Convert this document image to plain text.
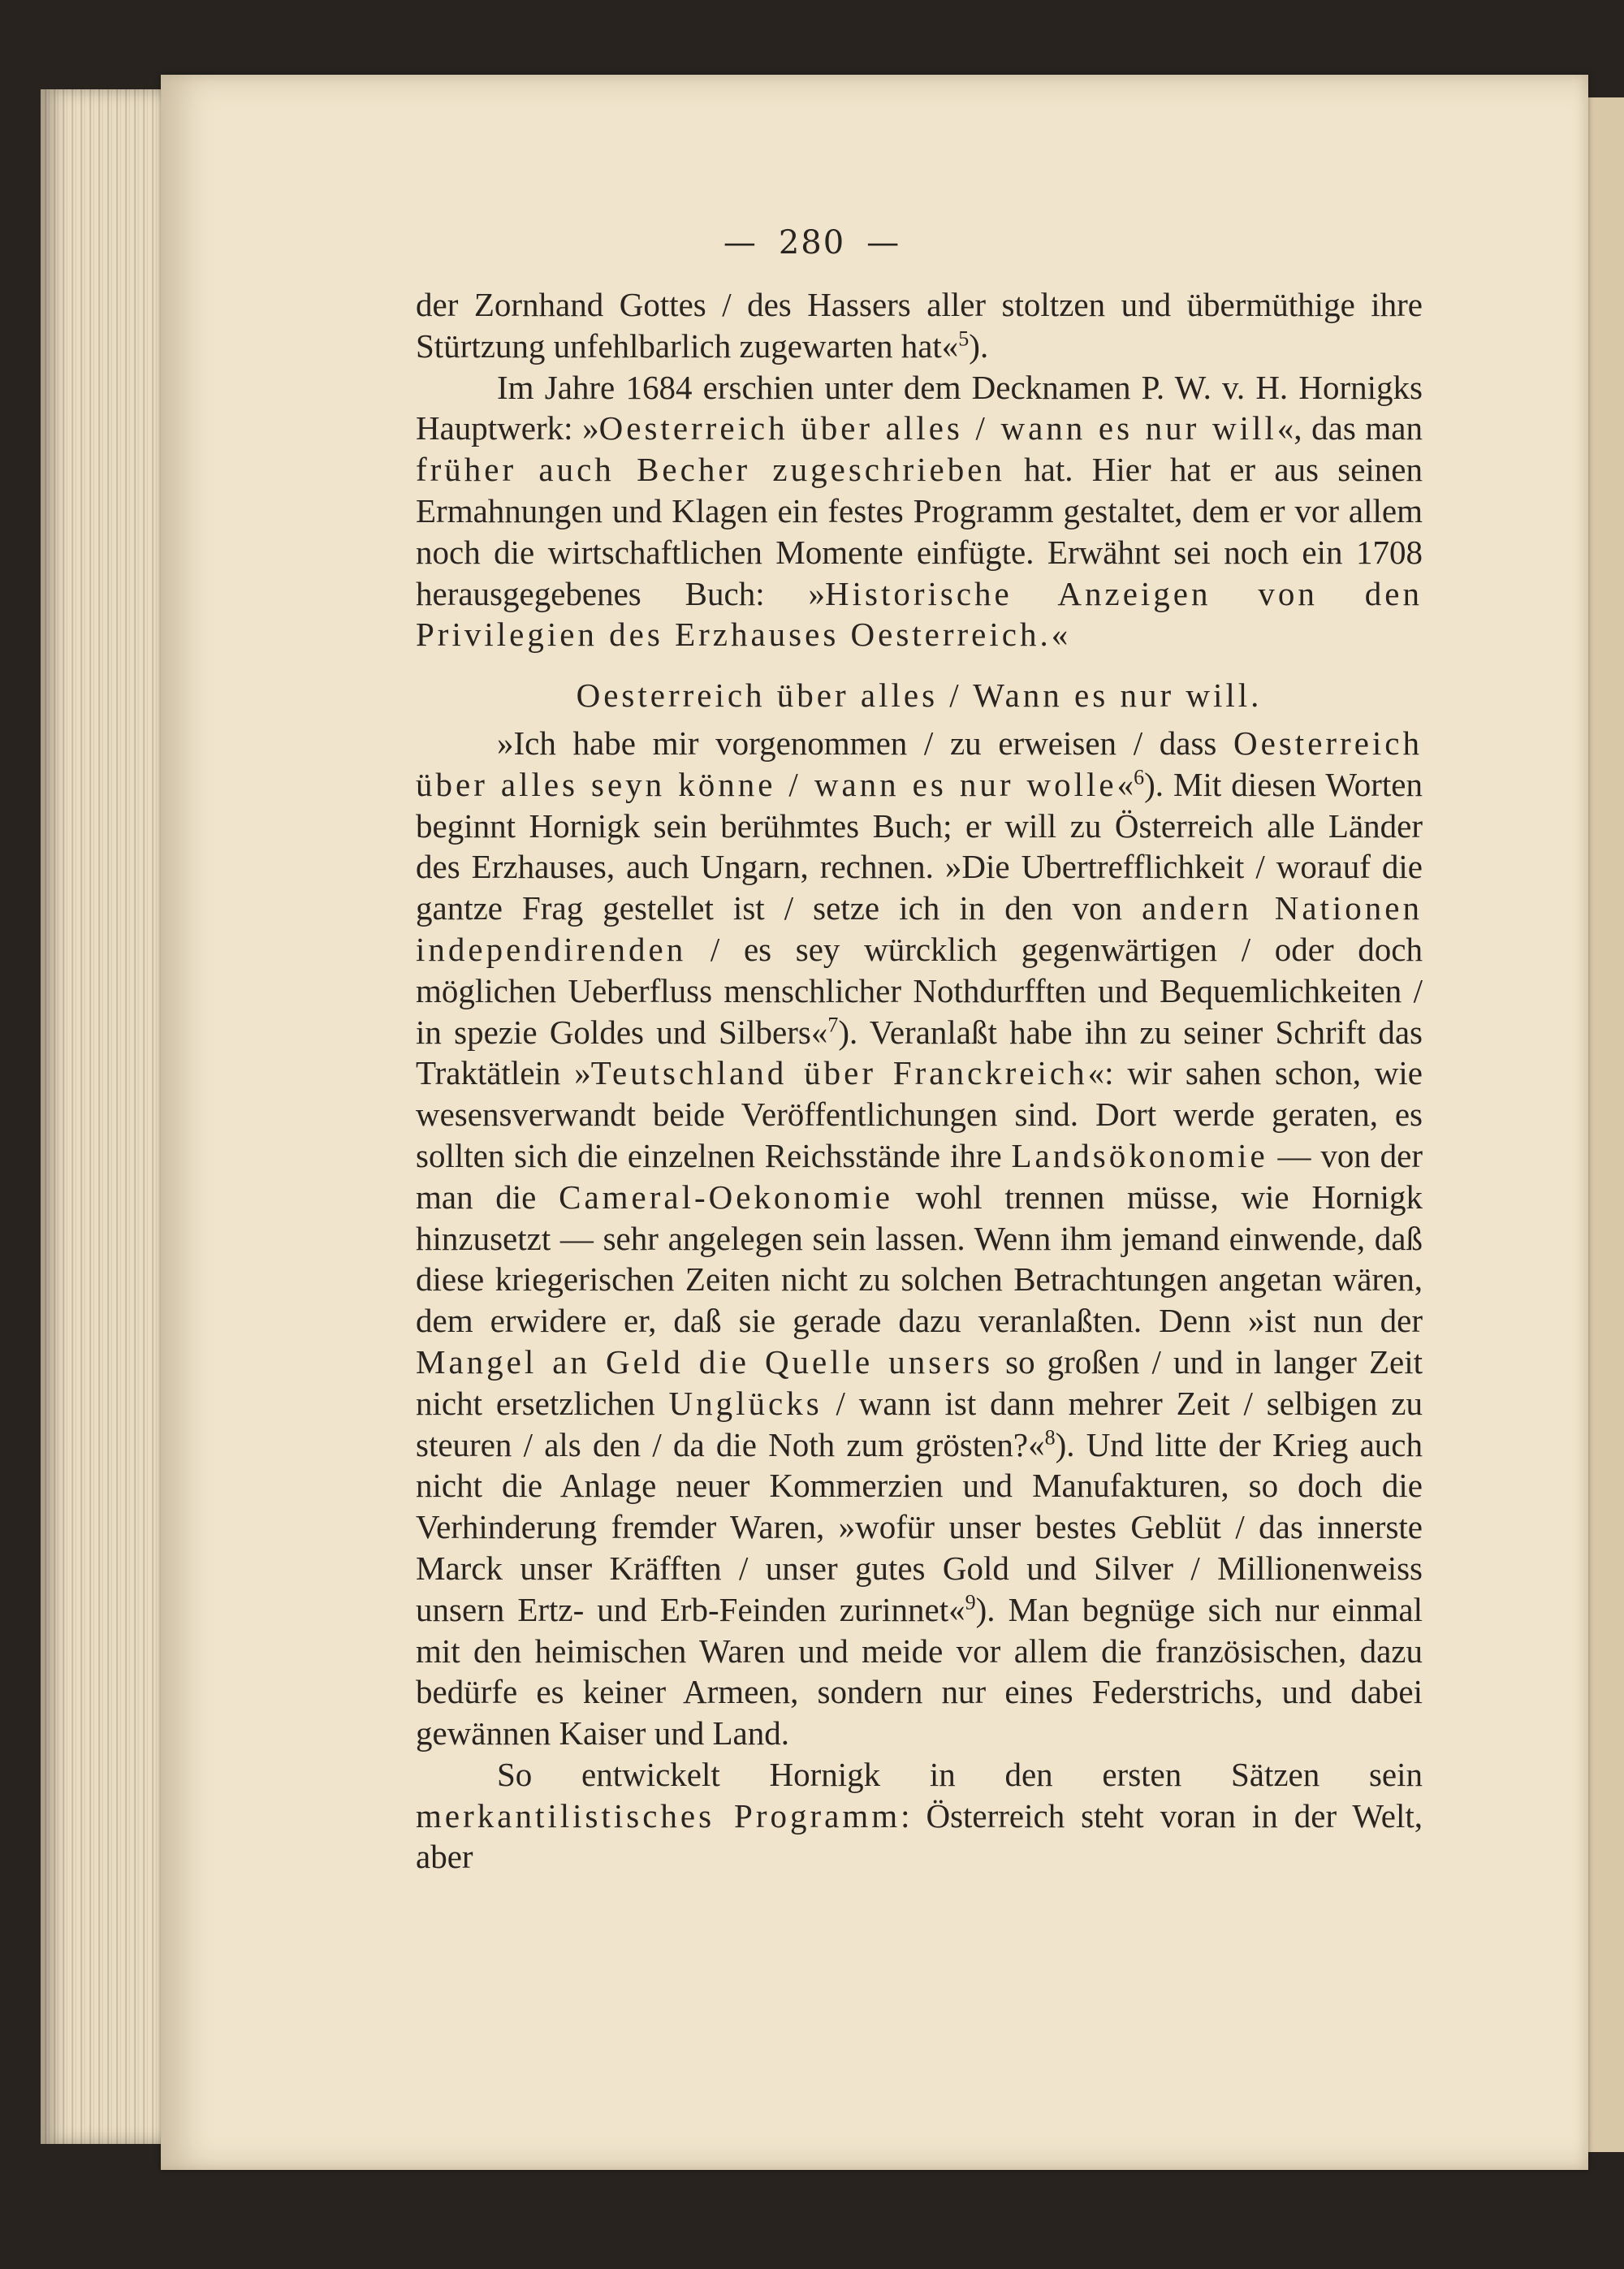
— 280 —

der Zornhand Gottes / des Hassers aller stoltzen und übermüthige ihre Stürtzung unfehlbarlich zugewarten hat«$^5$).

Im Jahre 1684 erschien unter dem Decknamen P. W. v. H. Hornigks Hauptwerk: »Oesterreich über alles / wann es nur will«, das man früher auch Becher zugeschrieben hat. Hier hat er aus seinen Ermahnungen und Klagen ein festes Programm gestaltet, dem er vor allem noch die wirtschaftlichen Momente einfügte. Erwähnt sei noch ein 1708 herausgegebenes Buch: »Historische Anzeigen von den Privilegien des Erzhauses Oesterreich.«

Oesterreich über alles / Wann es nur will.

»Ich habe mir vorgenommen / zu erweisen / dass Oesterreich über alles seyn könne / wann es nur wolle«$^6$). Mit diesen Worten beginnt Hornigk sein berühmtes Buch; er will zu Österreich alle Länder des Erzhauses, auch Ungarn, rechnen. »Die Ubertrefflichkeit / worauf die gantze Frag gestellet ist / setze ich in den von andern Nationen independirenden / es sey würcklich gegenwärtigen / oder doch möglichen Ueberfluss menschlicher Nothdurfften und Bequemlichkeiten / in spezie Goldes und Silbers«$^7$). Veranlaßt habe ihn zu seiner Schrift das Traktätlein »Teutschland über Franckreich«: wir sahen schon, wie wesensverwandt beide Veröffentlichungen sind. Dort werde geraten, es sollten sich die einzelnen Reichsstände ihre Landsökonomie — von der man die Cameral-Oekonomie wohl trennen müsse, wie Hornigk hinzusetzt — sehr angelegen sein lassen. Wenn ihm jemand einwende, daß diese kriegerischen Zeiten nicht zu solchen Betrachtungen angetan wären, dem erwidere er, daß sie gerade dazu veranlaßten. Denn »ist nun der Mangel an Geld die Quelle unsers so großen / und in langer Zeit nicht ersetzlichen Unglücks / wann ist dann mehrer Zeit / selbigen zu steuren / als den / da die Noth zum grösten?«$^8$). Und litte der Krieg auch nicht die Anlage neuer Kommerzien und Manufakturen, so doch die Verhinderung fremder Waren, »wofür unser bestes Geblüt / das innerste Marck unser Kräfften / unser gutes Gold und Silver / Millionenweiss unsern Ertz- und Erb-Feinden zurinnet«$^9$). Man begnüge sich nur einmal mit den heimischen Waren und meide vor allem die französischen, dazu bedürfe es keiner Armeen, sondern nur eines Federstrichs, und dabei gewännen Kaiser und Land.

So entwickelt Hornigk in den ersten Sätzen sein merkantilistisches Programm: Österreich steht voran in der Welt, aber
